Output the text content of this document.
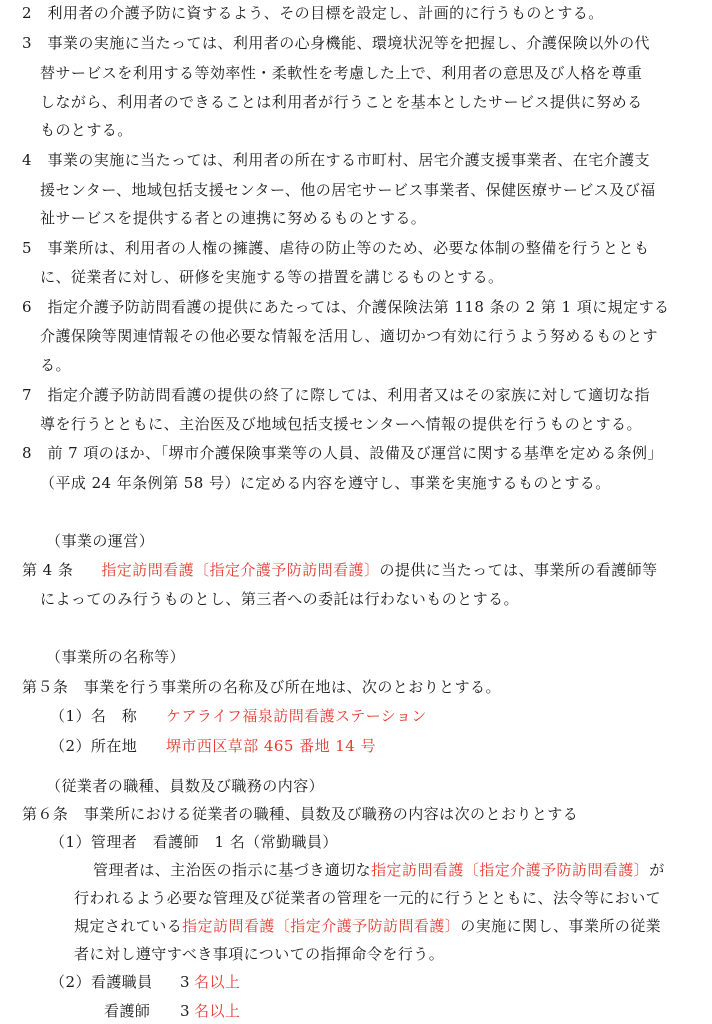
2　利用者の介護予防に資するよう、その目標を設定し、計画的に行うものとする。
3　事業の実施に当たっては、利用者の心身機能、環境状況等を把握し、介護保険以外の代
替サービスを利用する等効率性・柔軟性を考慮した上で、利用者の意思及び人格を尊重
しながら、利用者のできることは利用者が行うことを基本としたサービス提供に努める
ものとする。
4　事業の実施に当たっては、利用者の所在する市町村、居宅介護支援事業者、在宅介護支
援センター、地域包括支援センター、他の居宅サービス事業者、保健医療サービス及び福
祉サービスを提供する者との連携に努めるものとする。
5　事業所は、利用者の人権の擁護、虐待の防止等のため、必要な体制の整備を行うととも
に、従業者に対し、研修を実施する等の措置を講じるものとする。
6　指定介護予防訪問看護の提供にあたっては、介護保険法第 118 条の 2 第 1 項に規定する
介護保険等関連情報その他必要な情報を活用し、適切かつ有効に行うよう努めるものとす
る。
7　指定介護予防訪問看護の提供の終了に際しては、利用者又はその家族に対して適切な指
導を行うとともに、主治医及び地域包括支援センターへ情報の提供を行うものとする。
8　前 7 項のほか、「堺市介護保険事業等の人員、設備及び運営に関する基準を定める条例」
（平成 24 年条例第 58 号）に定める内容を遵守し、事業を実施するものとする。
（事業の運営）
第 4 条 指定訪問看護〔指定介護予防訪問看護〕の提供に当たっては、事業所の看護師等
によってのみ行うものとし、第三者への委託は行わないものとする。
（事業所の名称等）
第５条　事業を行う事業所の名称及び所在地は、次のとおりとする。
（1）名　称 ケアライフ福泉訪問看護ステーション
（2）所在地 堺市西区草部 465 番地 14 号
（従業者の職種、員数及び職務の内容）
第６条　事業所における従業者の職種、員数及び職務の内容は次のとおりとする
（1）管理者　看護師　1 名（常勤職員）
管理者は、主治医の指示に基づき適切な指定訪問看護〔指定介護予防訪問看護〕が
行われるよう必要な管理及び従業者の管理を一元的に行うとともに、法令等において
規定されている指定訪問看護〔指定介護予防訪問看護〕の実施に関し、事業所の従業
者に対し遵守すべき事項についての指揮命令を行う。
（2）看護職員 3 名以上
看護師 3 名以上
